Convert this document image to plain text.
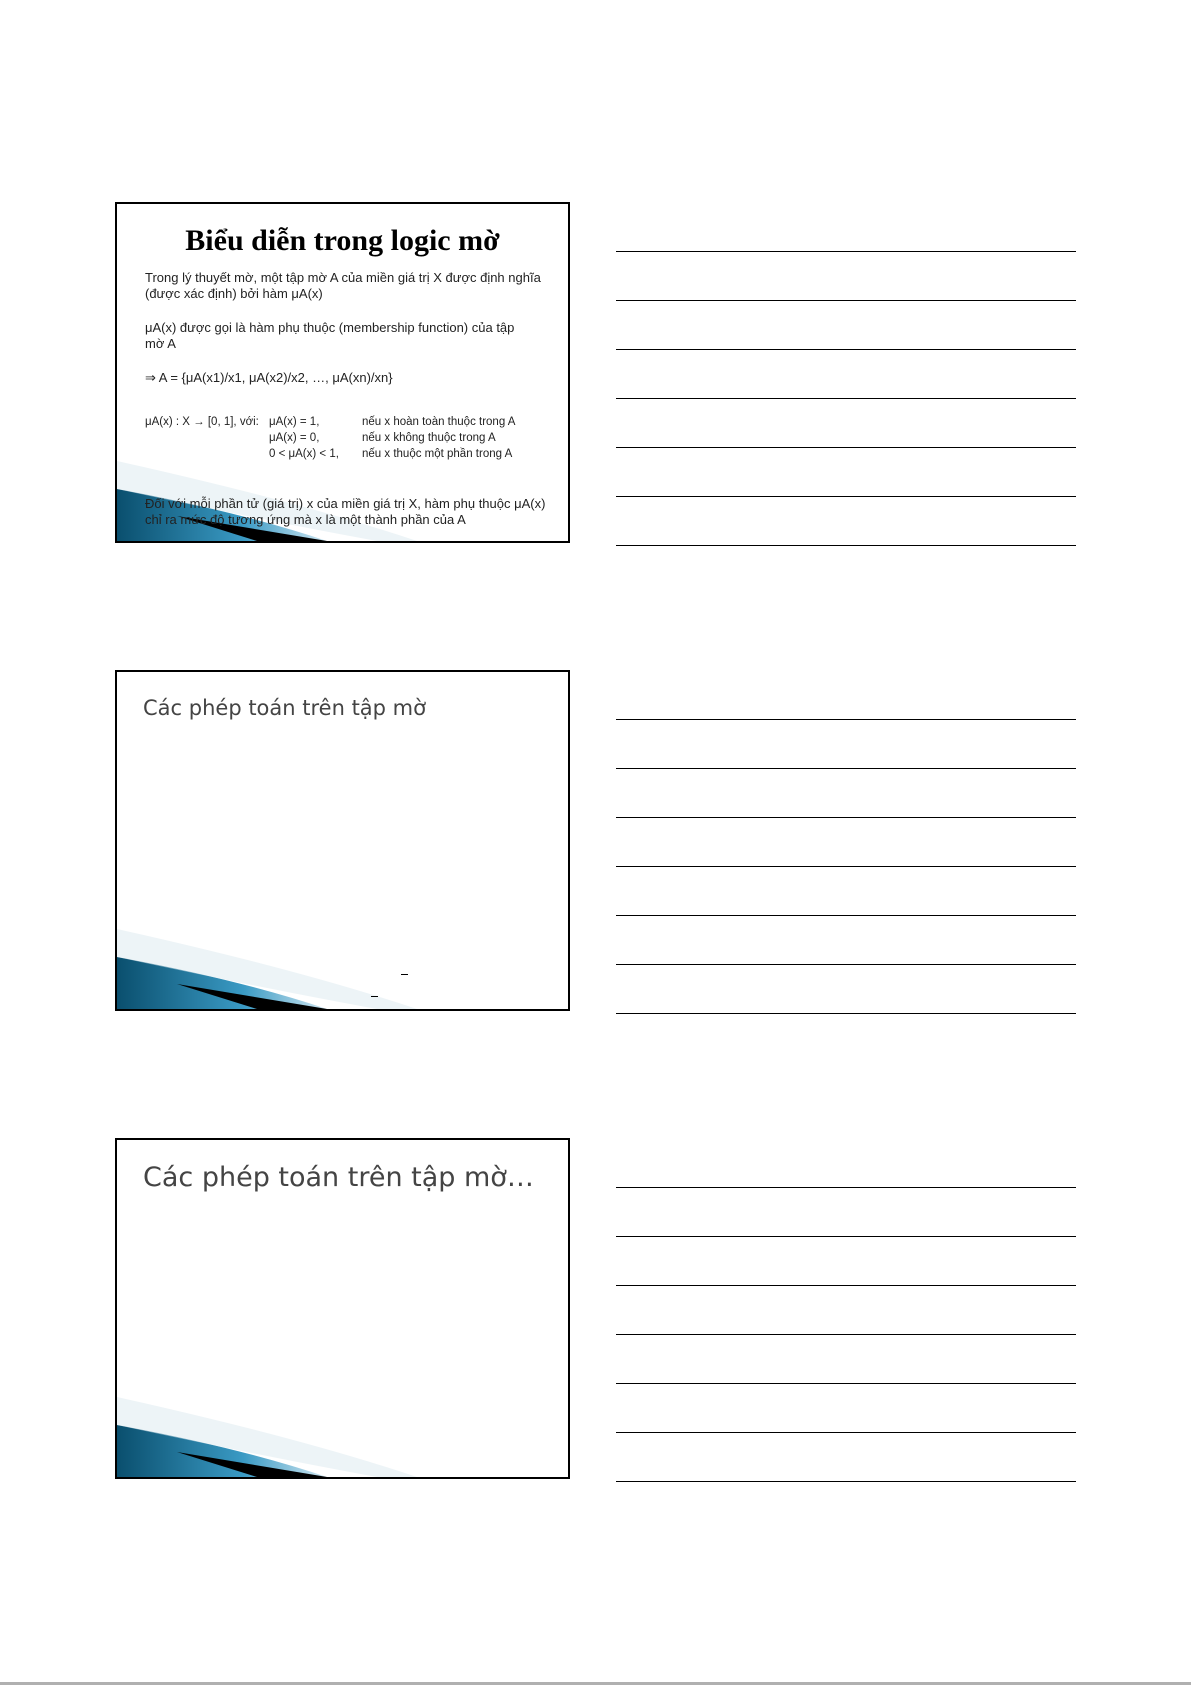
Biểu diễn trong logic mờ
Trong lý thuyết mờ, một tập mờ A của miền giá trị X được định nghĩa
(được xác định) bởi hàm μA(x)
μA(x) được gọi là hàm phụ thuộc (membership function) của tập
mờ A
⇒ A = {μA(x1)/x1, μA(x2)/x2, …, μA(xn)/xn}
μA(x) : X → [0, 1], với: μA(x) = 1,
μA(x) = 0,
0 < μA(x) < 1,
nếu x hoàn toàn thuộc trong A
nếu x không thuộc trong A
nếu x thuộc một phần trong A
Đối với mỗi phần tử (giá trị) x của miền giá trị X, hàm phụ thuộc μA(x)
chỉ ra mức độ tương ứng mà x là một thành phần của A
Các phép toán trên tập mờ
Các phép toán trên tập mờ…
